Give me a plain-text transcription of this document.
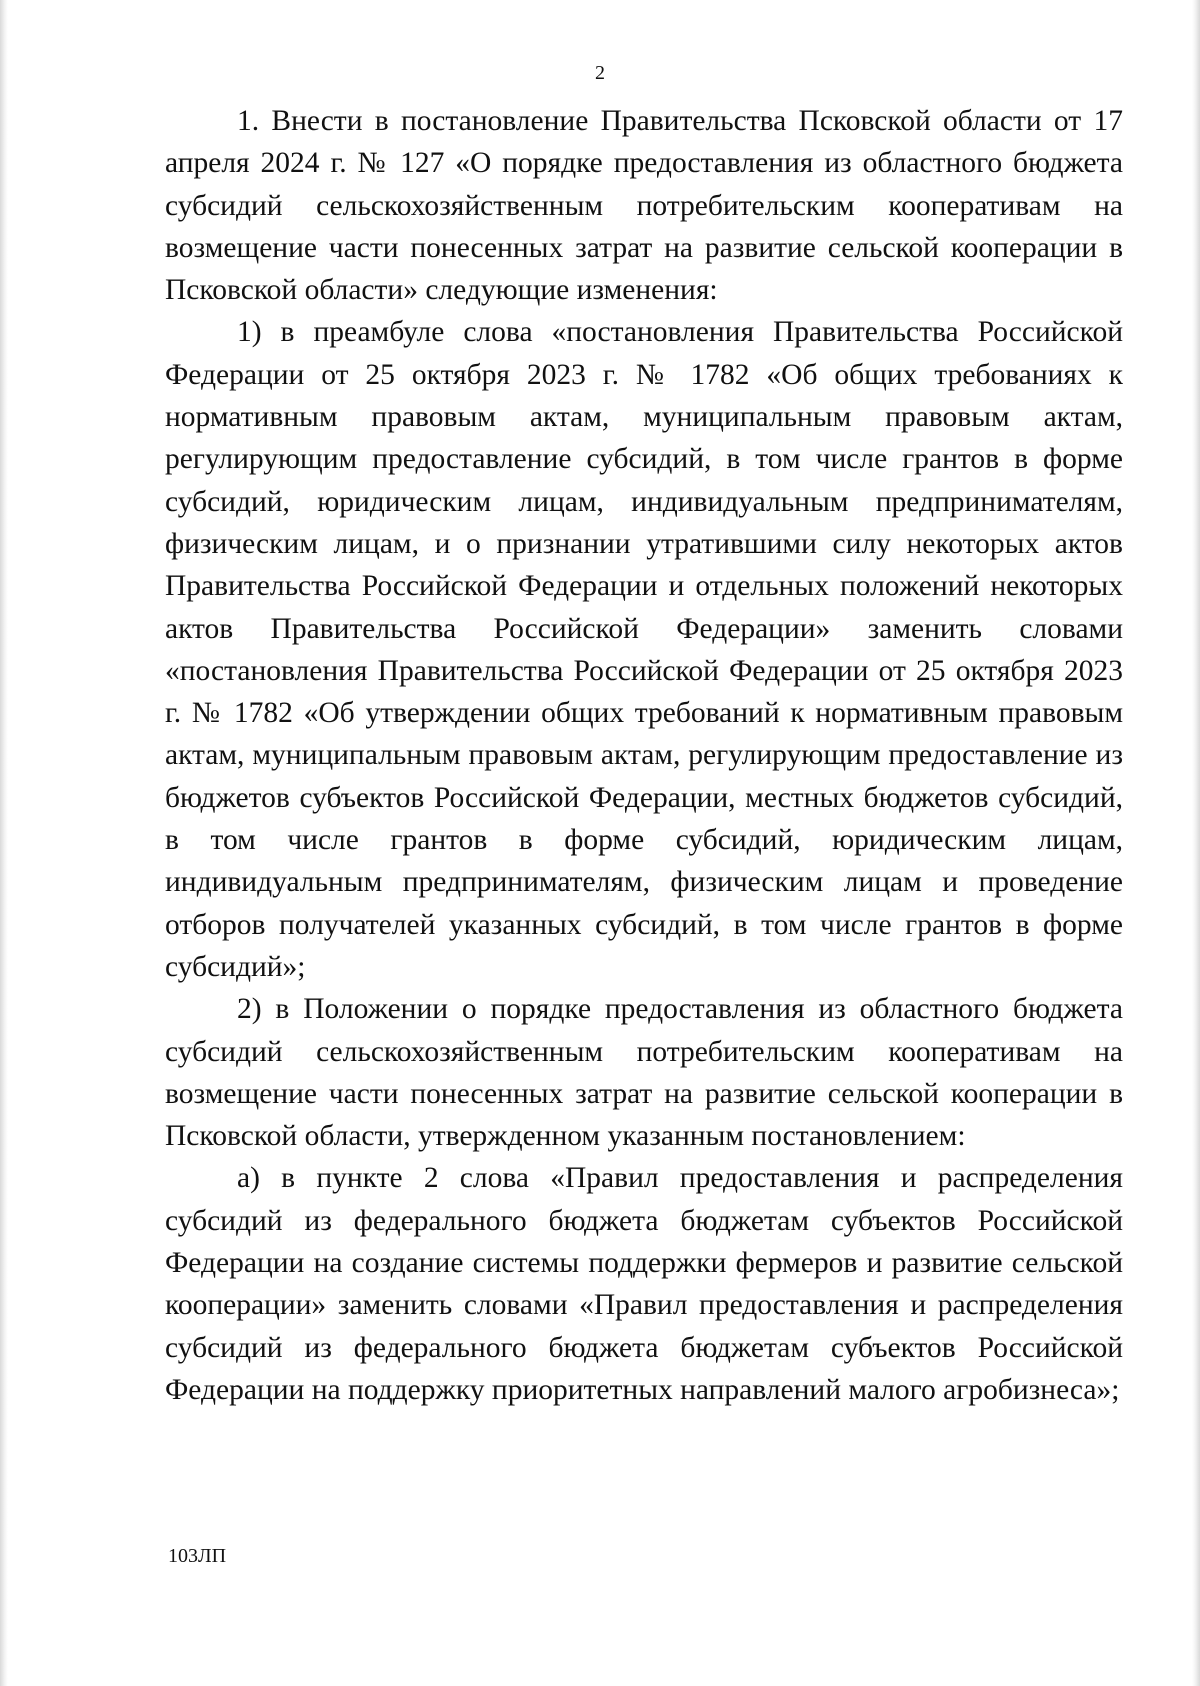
2

1. Внести в постановление Правительства Псковской области от 17 апреля 2024 г. № 127 «О порядке предоставления из областного бюджета субсидий сельскохозяйственным потребительским кооперативам на возмещение части понесенных затрат на развитие сельской кооперации в Псковской области» следующие изменения:

1) в преамбуле слова «постановления Правительства Российской Федерации от 25 октября 2023 г. № 1782 «Об общих требованиях к нормативным правовым актам, муниципальным правовым актам, регулирующим предоставление субсидий, в том числе грантов в форме субсидий, юридическим лицам, индивидуальным предпринимателям, физическим лицам, и о признании утратившими силу некоторых актов Правительства Российской Федерации и отдельных положений некоторых актов Правительства Российской Федерации» заменить словами «постановления Правительства Российской Федерации от 25 октября 2023 г. № 1782 «Об утверждении общих требований к нормативным правовым актам, муниципальным правовым актам, регулирующим предоставление из бюджетов субъектов Российской Федерации, местных бюджетов субсидий, в том числе грантов в форме субсидий, юридическим лицам, индивидуальным предпринимателям, физическим лицам и проведение отборов получателей указанных субсидий, в том числе грантов в форме субсидий»;

2) в Положении о порядке предоставления из областного бюджета субсидий сельскохозяйственным потребительским кооперативам на возмещение части понесенных затрат на развитие сельской кооперации в Псковской области, утвержденном указанным постановлением:

а) в пункте 2 слова «Правил предоставления и распределения субсидий из федерального бюджета бюджетам субъектов Российской Федерации на создание системы поддержки фермеров и развитие сельской кооперации» заменить словами «Правил предоставления и распределения субсидий из федерального бюджета бюджетам субъектов Российской Федерации на поддержку приоритетных направлений малого агробизнеса»;

103ЛП
